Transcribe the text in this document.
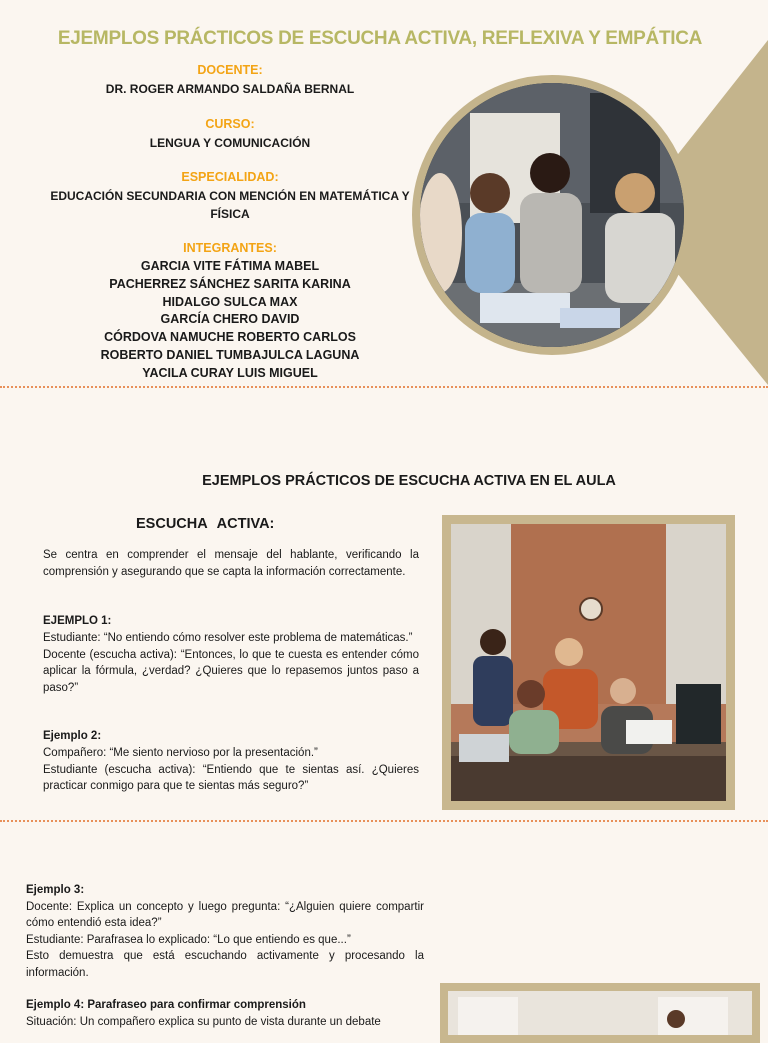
EJEMPLOS PRÁCTICOS DE ESCUCHA ACTIVA, REFLEXIVA Y EMPÁTICA
DOCENTE:
DR. ROGER ARMANDO SALDAÑA BERNAL
CURSO:
LENGUA Y COMUNICACIÓN
ESPECIALIDAD:
EDUCACIÓN SECUNDARIA CON MENCIÓN EN MATEMÁTICA Y
FÍSICA
INTEGRANTES:
GARCIA VITE FÁTIMA MABEL
PACHERREZ SÁNCHEZ SARITA KARINA
HIDALGO SULCA MAX
GARCÍA CHERO DAVID
CÓRDOVA NAMUCHE ROBERTO CARLOS
ROBERTO DANIEL TUMBAJULCA LAGUNA
YACILA CURAY LUIS MIGUEL
EJEMPLOS PRÁCTICOS DE ESCUCHA ACTIVA EN EL AULA
ESCUCHA ACTIVA:
Se centra en comprender el mensaje del hablante, verificando la comprensión y asegurando que se capta la información correctamente.
EJEMPLO 1:
Estudiante: “No entiendo cómo resolver este problema de matemáticas.”
Docente (escucha activa): “Entonces, lo que te cuesta es entender cómo aplicar la fórmula, ¿verdad? ¿Quieres que lo repasemos juntos paso a paso?”
Ejemplo 2:
Compañero: “Me siento nervioso por la presentación.”
Estudiante (escucha activa): “Entiendo que te sientas así. ¿Quieres practicar conmigo para que te sientas más seguro?”
Ejemplo 3:
Docente: Explica un concepto y luego pregunta: “¿Alguien quiere compartir cómo entendió esta idea?”
Estudiante: Parafrasea lo explicado: “Lo que entiendo es que...”
Esto demuestra que está escuchando activamente y procesando la información.
Ejemplo 4: Parafraseo para confirmar comprensión
Situación: Un compañero explica su punto de vista durante un debate
